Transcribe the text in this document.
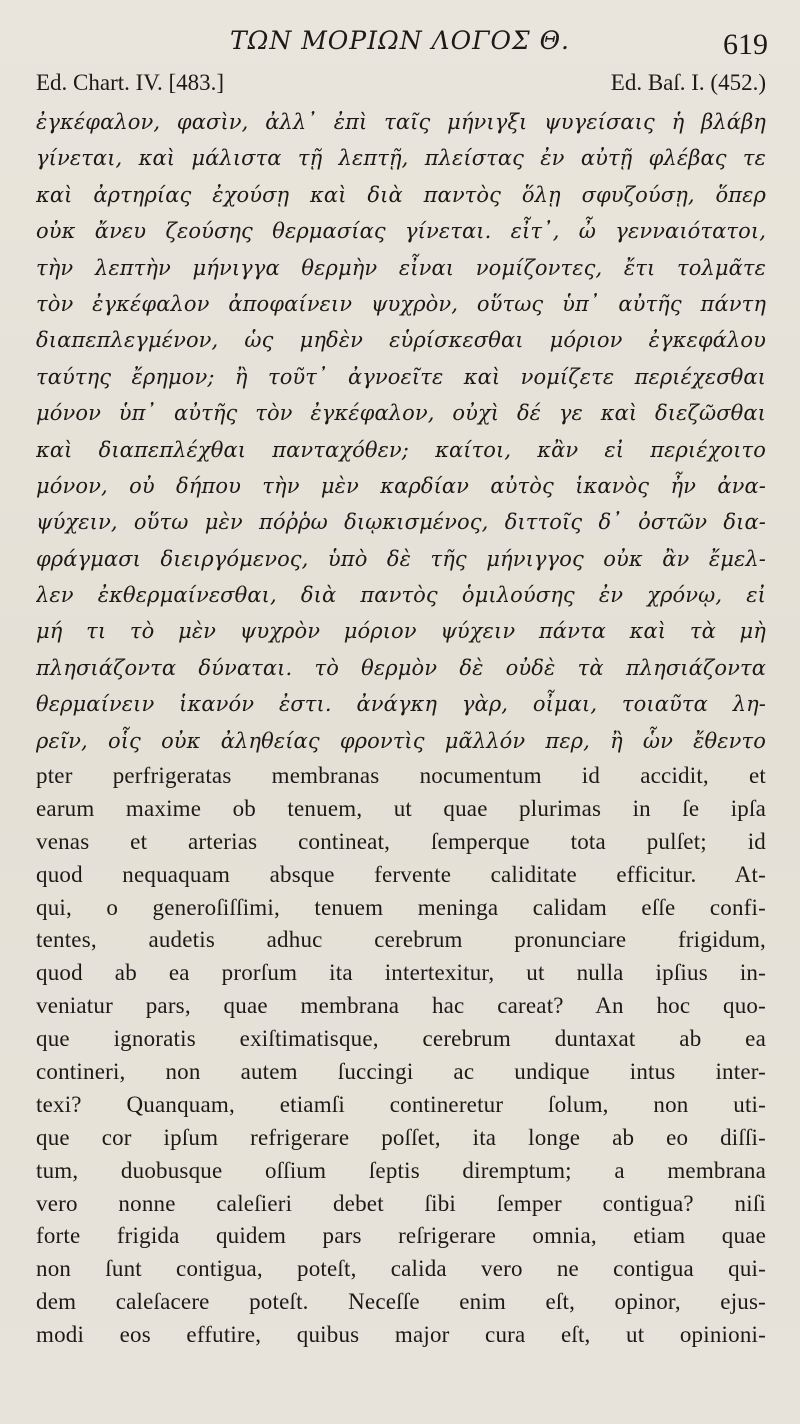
ΤΩΝ ΜΟΡΙΩΝ ΛΟΓΟΣ Θ.	619
Ed. Chart. IV. [483.]	Ed. Baſ. I. (452.)
ἐγκέφαλον, φασὶν, ἀλλ᾿ ἐπὶ ταῖς μήνιγξι ψυγείσαις ἡ βλάβη
γίνεται, καὶ μάλιστα τῇ λεπτῇ, πλείστας ἐν αὐτῇ φλέβας τε
καὶ ἀρτηρίας ἐχούσῃ καὶ διὰ παντὸς ὅλῃ σφυζούσῃ, ὅπερ
οὐκ ἄνευ ζεούσης θερμασίας γίνεται. εἶτ᾿, ὦ γενναιότατοι,
τὴν λεπτὴν μήνιγγα θερμὴν εἶναι νομίζοντες, ἔτι τολμᾶτε
τὸν ἐγκέφαλον ἀποφαίνειν ψυχρὸν, οὕτως ὑπ᾿ αὐτῆς πάντη
διαπεπλεγμένον, ὡς μηδὲν εὑρίσκεσθαι μόριον ἐγκεφάλου
ταύτης ἔρημον; ἢ τοῦτ᾿ ἀγνοεῖτε καὶ νομίζετε περιέχεσθαι
μόνον ὑπ᾿ αὐτῆς τὸν ἐγκέφαλον, οὐχὶ δέ γε καὶ διεζῶσθαι
καὶ διαπεπλέχθαι πανταχόθεν; καίτοι, κἂν εἰ περιέχοιτο
μόνον, οὐ δήπου τὴν μὲν καρδίαν αὐτὸς ἱκανὸς ἦν ἀνα-
ψύχειν, οὕτω μὲν πόῤῥω διῳκισμένος, διττοῖς δ᾿ ὀστῶν δια-
φράγμασι διειργόμενος, ὑπὸ δὲ τῆς μήνιγγος οὐκ ἂν ἔμελ-
λεν ἐκθερμαίνεσθαι, διὰ παντὸς ὁμιλούσης ἐν χρόνῳ, εἰ
μή τι τὸ μὲν ψυχρὸν μόριον ψύχειν πάντα καὶ τὰ μὴ
πλησιάζοντα δύναται. τὸ θερμὸν δὲ οὐδὲ τὰ πλησιάζοντα
θερμαίνειν ἱκανόν ἐστι. ἀνάγκη γὰρ, οἶμαι, τοιαῦτα λη-
ρεῖν, οἷς οὐκ ἀληθείας φροντὶς μᾶλλόν περ, ἢ ὧν ἔθεντο
pter perfrigeratas membranas nocumentum id accidit, et
earum maxime ob tenuem, ut quae plurimas in ſe ipſa
venas et arterias contineat, ſemperque tota pulſet; id
quod nequaquam absque fervente caliditate efficitur. At-
qui, o generoſiſſimi, tenuem meninga calidam eſſe confi-
tentes, audetis adhuc cerebrum pronunciare frigidum,
quod ab ea prorſum ita intertexitur, ut nulla ipſius in-
veniatur pars, quae membrana hac careat? An hoc quo-
que ignoratis exiſtimatisque, cerebrum duntaxat ab ea
contineri, non autem ſuccingi ac undique intus inter-
texi? Quanquam, etiamſi contineretur ſolum, non uti-
que cor ipſum refrigerare poſſet, ita longe ab eo diſſi-
tum, duobusque oſſium ſeptis diremptum; a membrana
vero nonne caleſieri debet ſibi ſemper contigua? niſi
forte frigida quidem pars reſrigerare omnia, etiam quae
non ſunt contigua, poteſt, calida vero ne contigua qui-
dem caleſacere poteſt. Neceſſe enim eſt, opinor, ejus-
modi eos effutire, quibus major cura eſt, ut opinioni-
